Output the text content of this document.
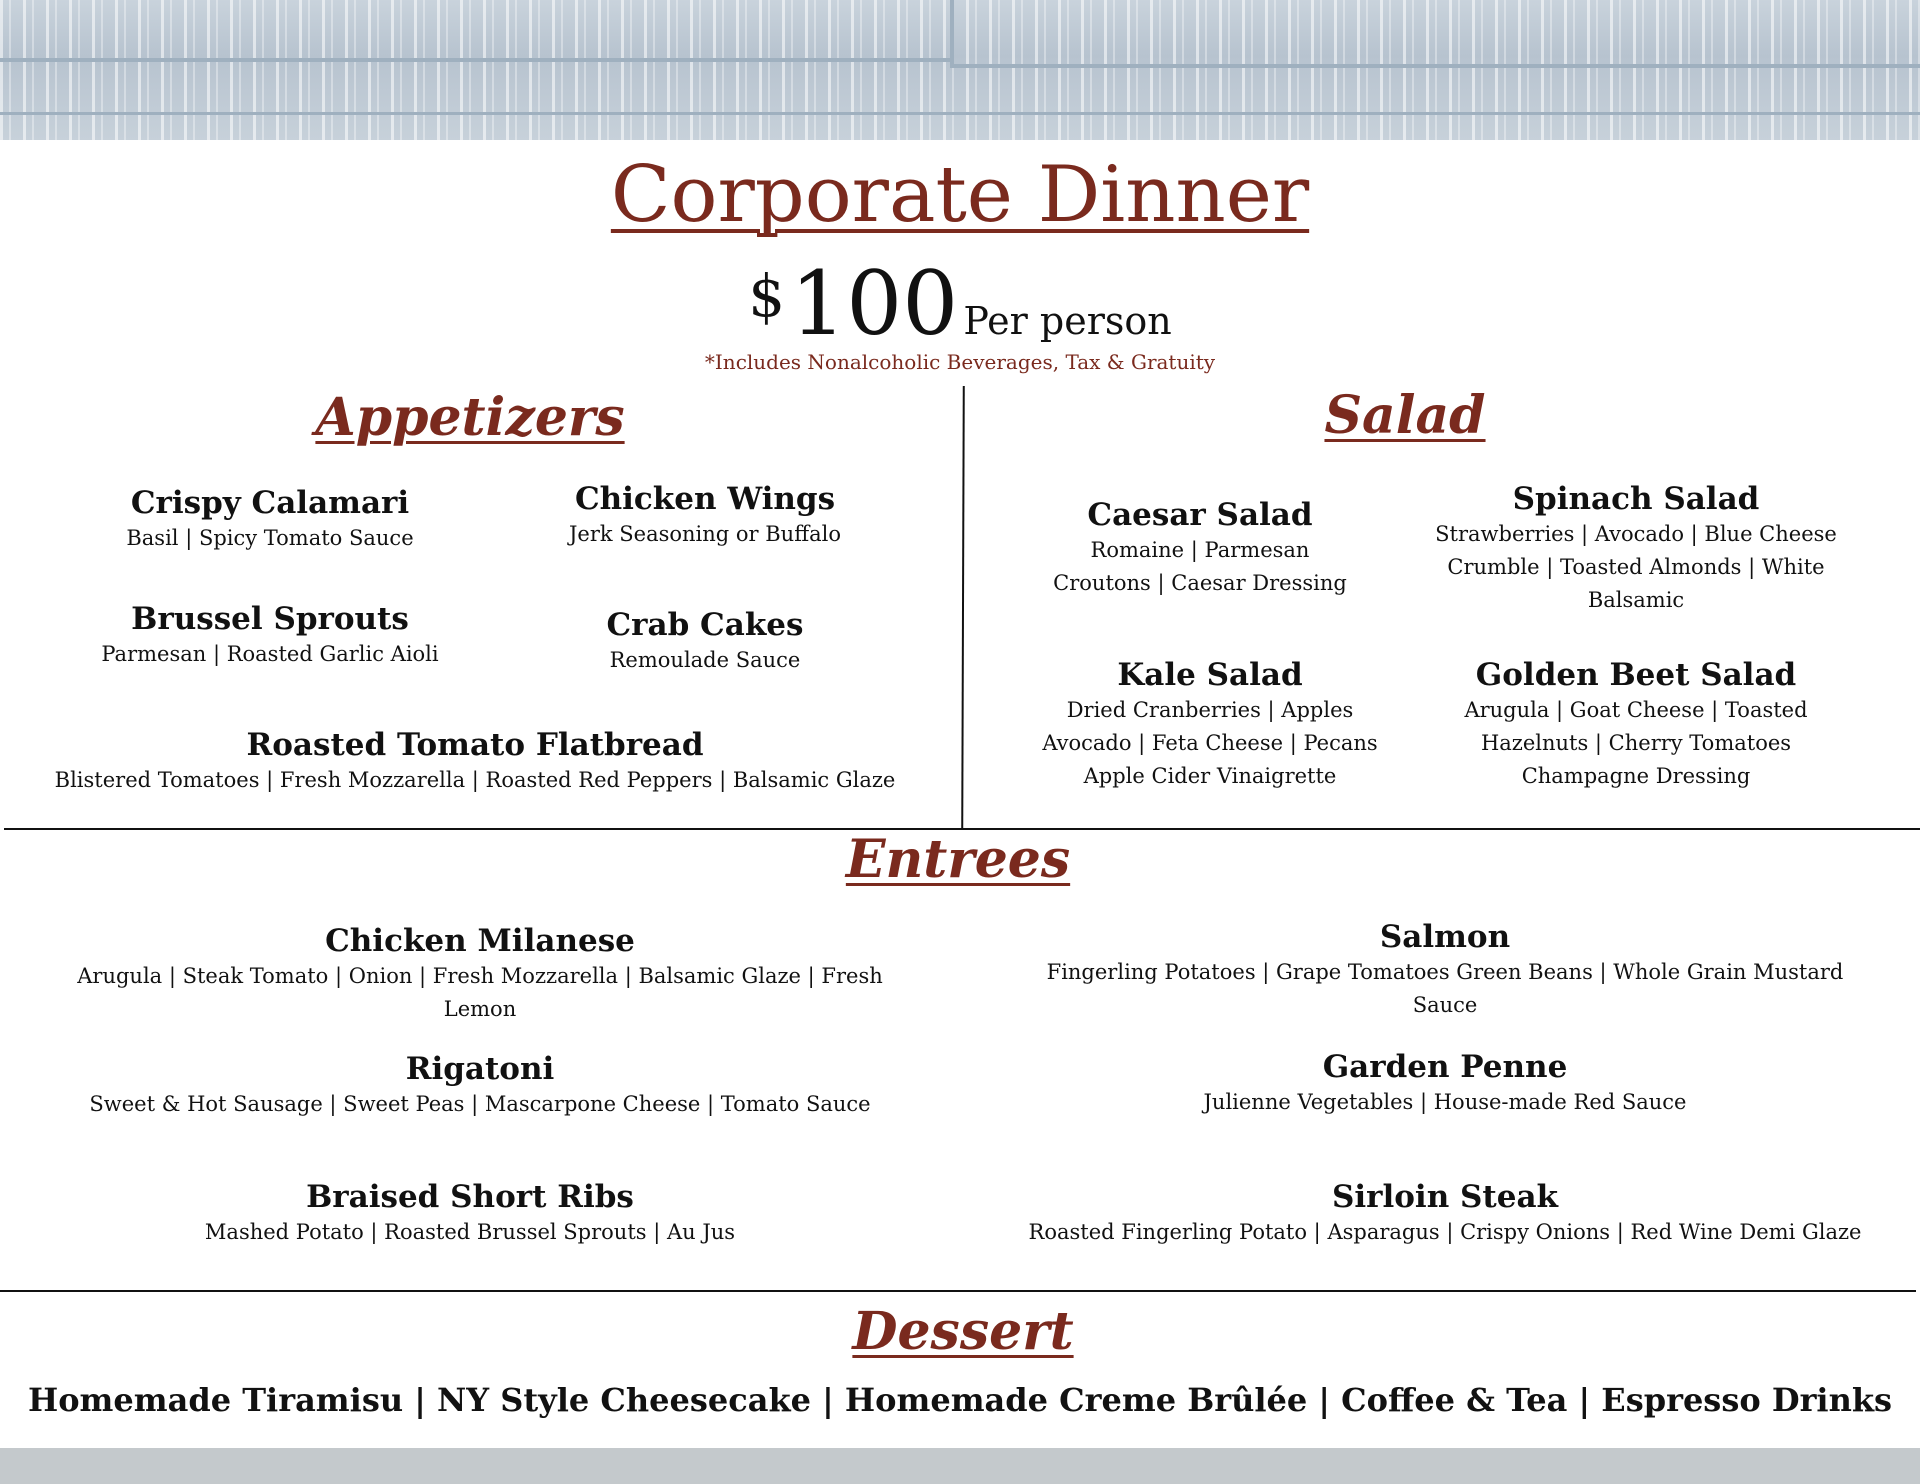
Corporate Dinner
$ 100 Per person
*Includes Nonalcoholic Beverages, Tax & Gratuity
Appetizers
Crispy Calamari
Basil | Spicy Tomato Sauce
Chicken Wings
Jerk Seasoning or Buffalo
Brussel Sprouts
Parmesan | Roasted Garlic Aioli
Crab Cakes
Remoulade Sauce
Roasted Tomato Flatbread
Blistered Tomatoes | Fresh Mozzarella | Roasted Red Peppers | Balsamic Glaze
Salad
Caesar Salad
Romaine | Parmesan
Croutons | Caesar Dressing
Spinach Salad
Strawberries | Avocado | Blue Cheese
Crumble | Toasted Almonds | White
Balsamic
Kale Salad
Dried Cranberries | Apples
Avocado | Feta Cheese | Pecans
Apple Cider Vinaigrette
Golden Beet Salad
Arugula | Goat Cheese | Toasted
Hazelnuts | Cherry Tomatoes
Champagne Dressing
Entrees
Chicken Milanese
Arugula | Steak Tomato | Onion | Fresh Mozzarella | Balsamic Glaze | Fresh Lemon
Salmon
Fingerling Potatoes | Grape Tomatoes Green Beans | Whole Grain Mustard Sauce
Rigatoni
Sweet & Hot Sausage | Sweet Peas | Mascarpone Cheese | Tomato Sauce
Garden Penne
Julienne Vegetables | House-made Red Sauce
Braised Short Ribs
Mashed Potato | Roasted Brussel Sprouts | Au Jus
Sirloin Steak
Roasted Fingerling Potato | Asparagus | Crispy Onions | Red Wine Demi Glaze
Dessert
Homemade Tiramisu | NY Style Cheesecake | Homemade Creme Brûlée | Coffee & Tea | Espresso Drinks
